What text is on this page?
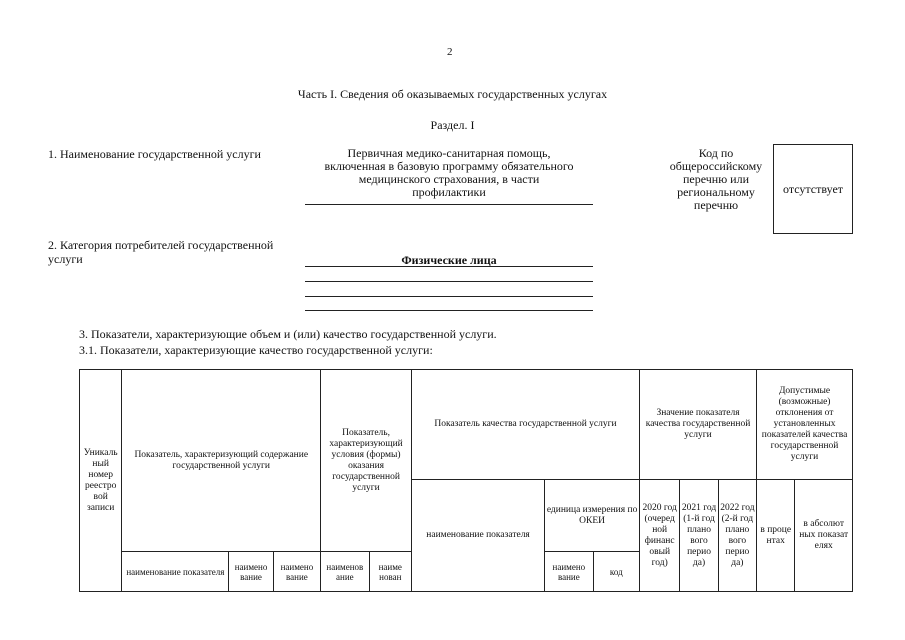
2
Часть I. Сведения об оказываемых государственных услугах
Раздел. I
1. Наименование государственной услуги	Первичная медико-санитарная помощь,
включенная в базовую программу обязательного
медицинского страхования, в части
профилактики
Код по
общероссийскому
перечню или
региональному
перечню
отсутствует
2. Категория потребителей государственной услуги	Физические лица
3. Показатели, характеризующие объем и (или) качество государственной услуги.
3.1. Показатели, характеризующие качество государственной услуги:
Уникаль ный номер реестро вой записи	Показатель, характеризующий содержание государственной услуги			Показатель, характеризующий условия (формы) оказания государственной услуги		Показатель качества государственной услуги			Значение показателя качества государственной услуги			Допустимые (возможные) отклонения от установленных показателей качества государственной услуги	
						наименование показателя	единица измерения по ОКЕИ		2020 год (очеред ной финанс овый год)	2021 год (1-й год плано вого перио да)	2022 год (2-й год плано вого перио да)	в проце нтах	в абсолют ных показат елях
	наименование показателя	наимено вание	наимено вание	наименов ание	наиме нован		наимено вание	код					
